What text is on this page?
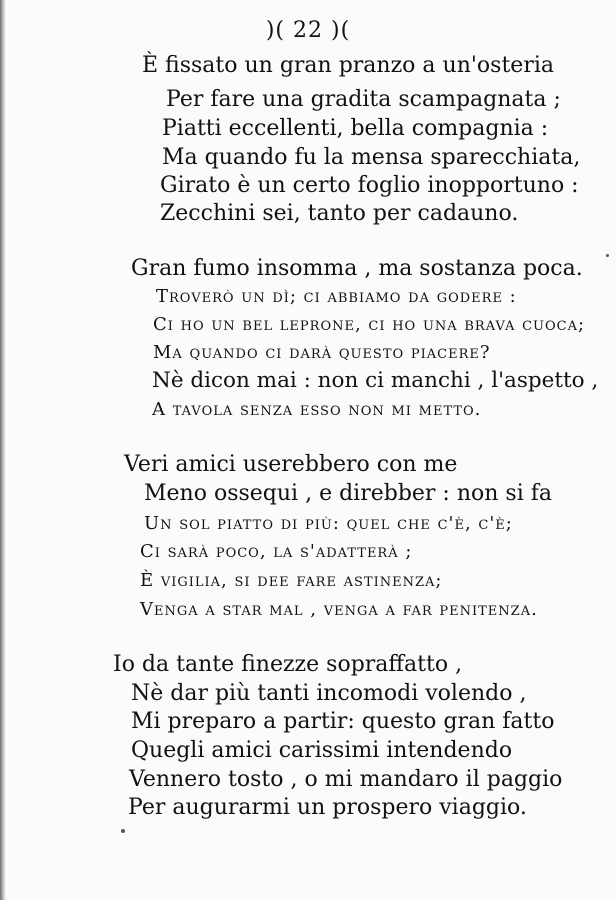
)( 22 )(
È fissato un gran pranzo a un'osteria
Per fare una gradita scampagnata ;
Piatti eccellenti, bella compagnia :
Ma quando fu la mensa sparecchiata,
Girato è un certo foglio inopportuno :
Zecchini sei, tanto per cadauno.
Gran fumo insomma , ma sostanza poca.
Troverò un dì; ci abbiamo da godere :
Ci ho un bel leprone, ci ho una brava cuoca;
Ma quando ci darà questo piacere?
Nè dicon mai : non ci manchi , l'aspetto ,
A tavola senza esso non mi metto.
Veri amici userebbero con me
Meno ossequi , e direbber : non si fa
Un sol piatto di più: quel che c'è, c'è;
Ci sarà poco, la s'adatterà ;
È vigilia, si dee fare astinenza;
Venga a star mal , venga a far penitenza.
Io da tante finezze sopraffatto ,
Nè dar più tanti incomodi volendo ,
Mi preparo a partir: questo gran fatto
Quegli amici carissimi intendendo
Vennero tosto , o mi mandaro il paggio
Per augurarmi un prospero viaggio.
